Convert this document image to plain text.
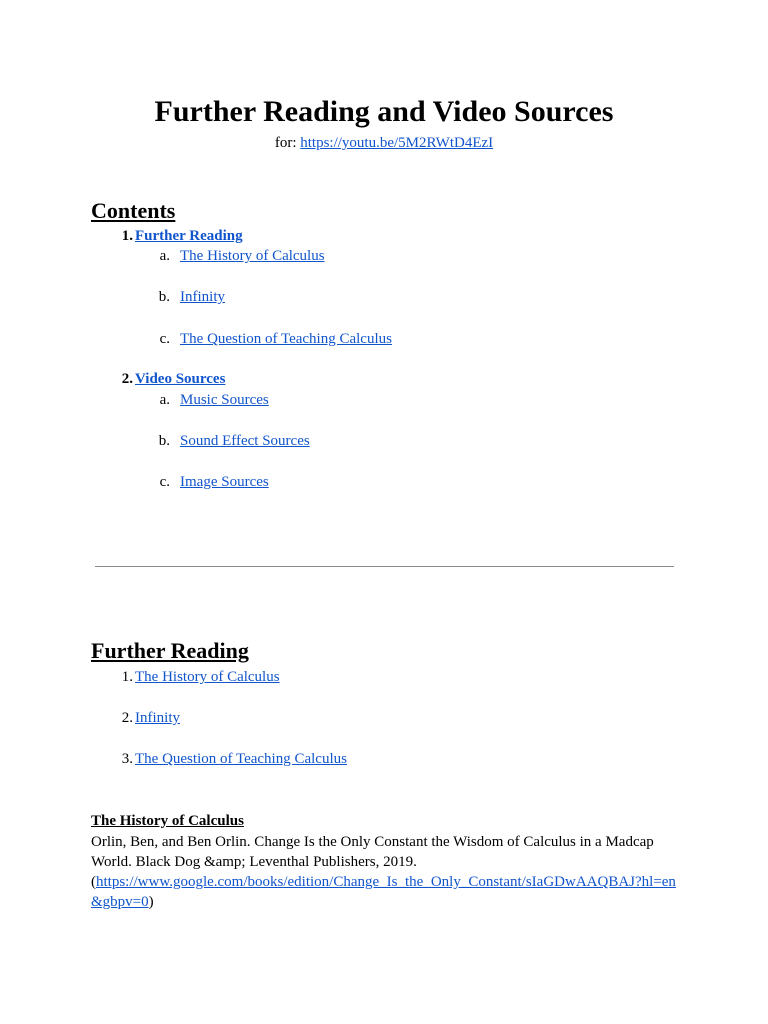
Further Reading and Video Sources
for: https://youtu.be/5M2RWtD4EzI
Contents
1. Further Reading
a. The History of Calculus
b. Infinity
c. The Question of Teaching Calculus
2. Video Sources
a. Music Sources
b. Sound Effect Sources
c. Image Sources
Further Reading
1. The History of Calculus
2. Infinity
3. The Question of Teaching Calculus
The History of Calculus
Orlin, Ben, and Ben Orlin. Change Is the Only Constant the Wisdom of Calculus in a Madcap
World. Black Dog &amp; Leventhal Publishers, 2019.
(https://www.google.com/books/edition/Change_Is_the_Only_Constant/sIaGDwAAQBAJ?hl=en
&gbpv=0)
